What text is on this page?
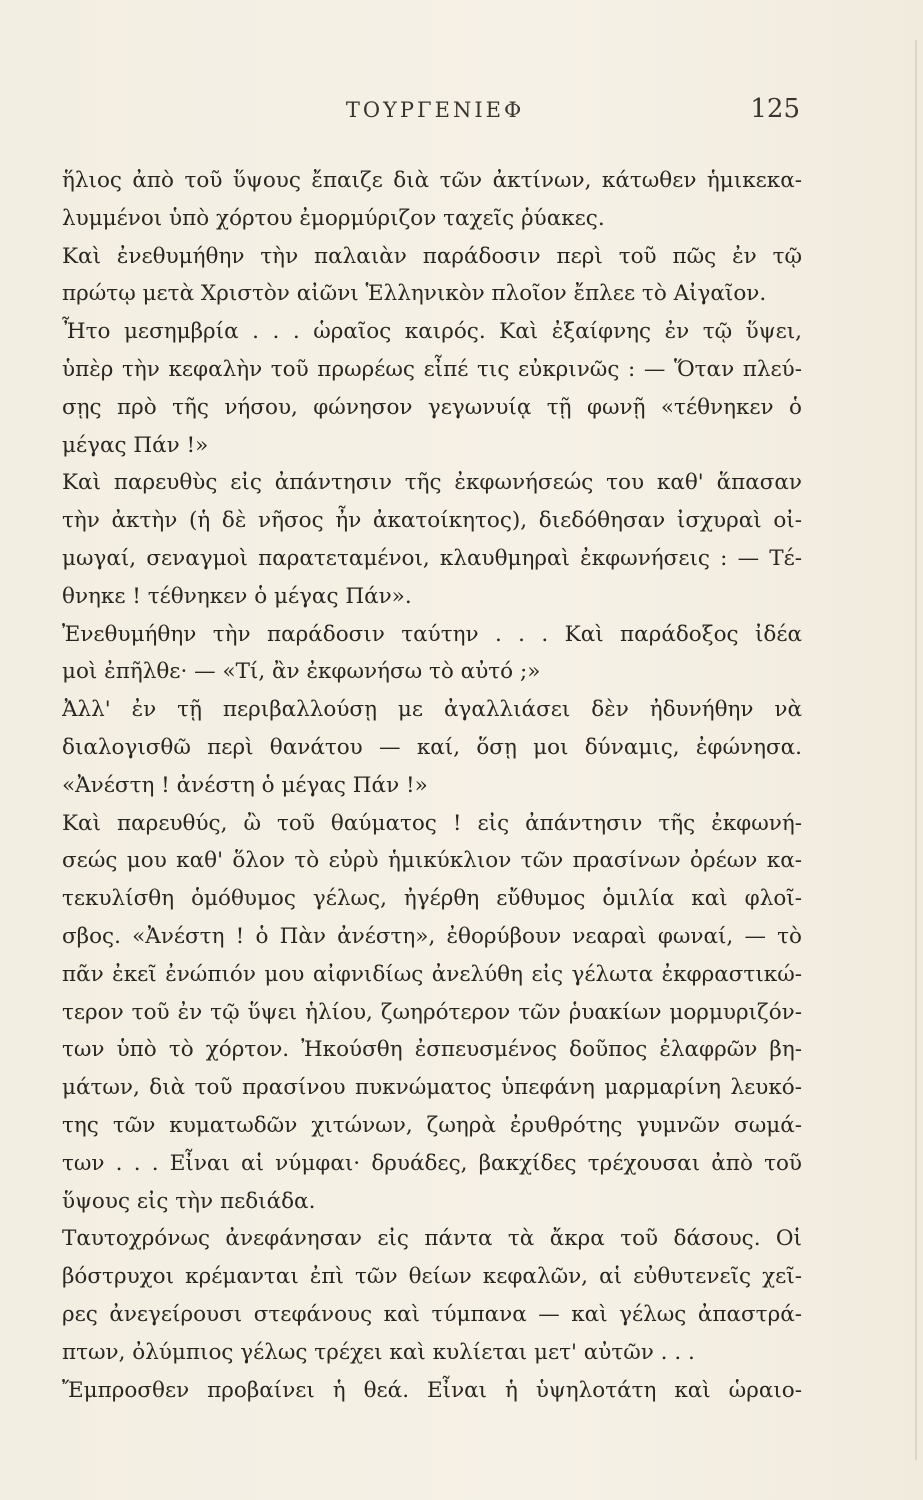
ΤΟΥΡΓΕΝΙΕΦ	125
ἥλιος ἀπὸ τοῦ ὕψους ἔπαιζε διὰ τῶν ἀκτίνων, κάτωθεν ἡμικεκα-
λυμμένοι ὑπὸ χόρτου ἐμορμύριζον ταχεῖς ῥύακες.
Καὶ ἐνεθυμήθην τὴν παλαιὰν παράδοσιν περὶ τοῦ πῶς ἐν τῷ
πρώτῳ μετὰ Χριστὸν αἰῶνι Ἑλληνικὸν πλοῖον ἔπλεε τὸ Αἰγαῖον.
Ἦτο μεσημβρία . . . ὡραῖος καιρός. Καὶ ἐξαίφνης ἐν τῷ ὕψει,
ὑπὲρ τὴν κεφαλὴν τοῦ πρωρέως εἶπέ τις εὐκρινῶς : — Ὅταν πλεύ-
σῃς πρὸ τῆς νήσου, φώνησον γεγωνυίᾳ τῇ φωνῇ «τέθνηκεν ὁ
μέγας Πάν !»
Καὶ παρευθὺς εἰς ἀπάντησιν τῆς ἐκφωνήσεώς του καθ' ἅπασαν
τὴν ἀκτὴν (ἡ δὲ νῆσος ἦν ἀκατοίκητος), διεδόθησαν ἰσχυραὶ οἰ-
μωγαί, σεναγμοὶ παρατεταμένοι, κλαυθμηραὶ ἐκφωνήσεις : — Τέ-
θνηκε ! τέθνηκεν ὁ μέγας Πάν».
Ἐνεθυμήθην τὴν παράδοσιν ταύτην . . . Καὶ παράδοξος ἰδέα
μοὶ ἐπῆλθε· — «Τί, ἂν ἐκφωνήσω τὸ αὐτό ;»
Ἀλλ' ἐν τῇ περιβαλλούσῃ με ἀγαλλιάσει δὲν ἠδυνήθην νὰ
διαλογισθῶ περὶ θανάτου — καί, ὅσῃ μοι δύναμις, ἐφώνησα.
«Ἀνέστη ! ἀνέστη ὁ μέγας Πάν !»
Καὶ παρευθύς, ὢ τοῦ θαύματος ! εἰς ἀπάντησιν τῆς ἐκφωνή-
σεώς μου καθ' ὅλον τὸ εὐρὺ ἡμικύκλιον τῶν πρασίνων ὀρέων κα-
τεκυλίσθη ὁμόθυμος γέλως, ἠγέρθη εὔθυμος ὁμιλία καὶ φλοῖ-
σβος. «Ἀνέστη ! ὁ Πὰν ἀνέστη», ἐθορύβουν νεαραὶ φωναί, — τὸ
πᾶν ἐκεῖ ἐνώπιόν μου αἰφνιδίως ἀνελύθη εἰς γέλωτα ἐκφραστικώ-
τερον τοῦ ἐν τῷ ὕψει ἡλίου, ζωηρότερον τῶν ῥυακίων μορμυριζόν-
των ὑπὸ τὸ χόρτον. Ἠκούσθη ἐσπευσμένος δοῦπος ἐλαφρῶν βη-
μάτων, διὰ τοῦ πρασίνου πυκνώματος ὑπεφάνη μαρμαρίνη λευκό-
της τῶν κυματωδῶν χιτώνων, ζωηρὰ ἐρυθρότης γυμνῶν σωμά-
των . . . Εἶναι αἱ νύμφαι· δρυάδες, βακχίδες τρέχουσαι ἀπὸ τοῦ
ὕψους εἰς τὴν πεδιάδα.
Ταυτοχρόνως ἀνεφάνησαν εἰς πάντα τὰ ἄκρα τοῦ δάσους. Οἱ
βόστρυχοι κρέμανται ἐπὶ τῶν θείων κεφαλῶν, αἱ εὐθυτενεῖς χεῖ-
ρες ἀνεγείρουσι στεφάνους καὶ τύμπανα — καὶ γέλως ἀπαστρά-
πτων, ὀλύμπιος γέλως τρέχει καὶ κυλίεται μετ' αὐτῶν . . .
Ἔμπροσθεν προβαίνει ἡ θεά. Εἶναι ἡ ὑψηλοτάτη καὶ ὡραιο-
